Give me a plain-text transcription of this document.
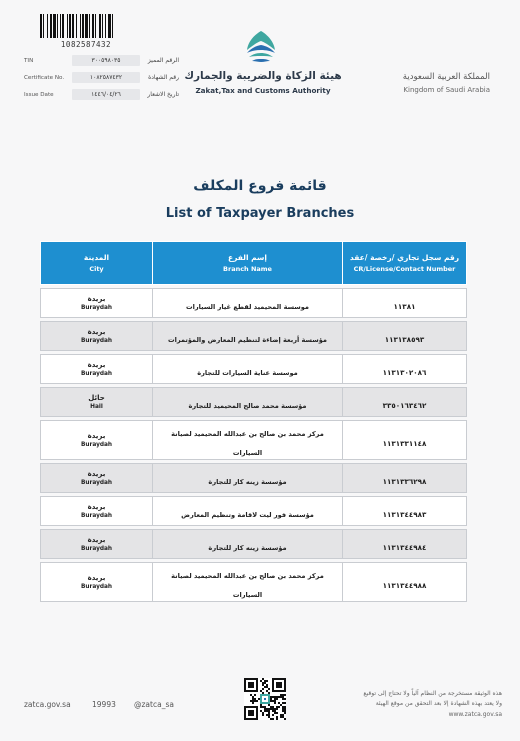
1082587432
TIN	٣٠٠٥٩٨٠٣٥	الرقم المميز
Certificate No.	١٠٨٢٥٨٧٤٣٢	رقم الشهادة
Issue Date	١٤٤٦/٠٤/٢٦	تاريخ الاشعار
هيئة الزكاة والضريبة والجمارك
Zakat,Tax and Customs Authority
المملكة العربية السعودية
Kingdom of Saudi Arabia
قائمة فروع المكلف
List of Taxpayer Branches
المدينة
City	إسم الفرع
Branch Name	رقم سجل تجاري /رخصة /عقد
CR/License/Contact Number

بريدة
Buraydah	موسسة المحيميد لقطع غيار السيارات	١١٣٨١

بريدة
Buraydah	مؤسسة أربعة إضاءة لتنظيم المعارض والمؤتمرات	١١٣١٣٨٥٩٣

بريدة
Buraydah	موسسة عناية السيارات للتجارة	١١٣١٣٠٢٠٨٦

حائل
Hail	مؤسسة محمد صالح المحيميد للتجارة	٣٣٥٠١٦٣٤٦٢

بريدة
Buraydah	مركز محمد بن صالح بن عبدالله المحيميد لصيانة السيارات	١١٣١٣٣١١٤٨

بريدة
Buraydah	مؤسسة زينه كار للتجارة	١١٣١٣٣٦٢٩٨

بريدة
Buraydah	مؤسسة فور ليت لاقامة وتنظيم المعارض	١١٣١٣٤٤٩٨٣

بريدة
Buraydah	مؤسسة زينه كار للتجارة	١١٣١٣٤٤٩٨٤

بريدة
Buraydah	مركز محمد بن صالح بن عبدالله المحيميد لصيانة السيارات	١١٣١٣٤٤٩٨٨
zatca.gov.sa	19993 @zatca_sa
هذه الوثيقة مستخرجة من النظام آلياً ولا تحتاج إلى توقيع
ولا يعتد بهذه الشهادة إلا بعد التحقق من موقع الهيئة
www.zatca.gov.sa
